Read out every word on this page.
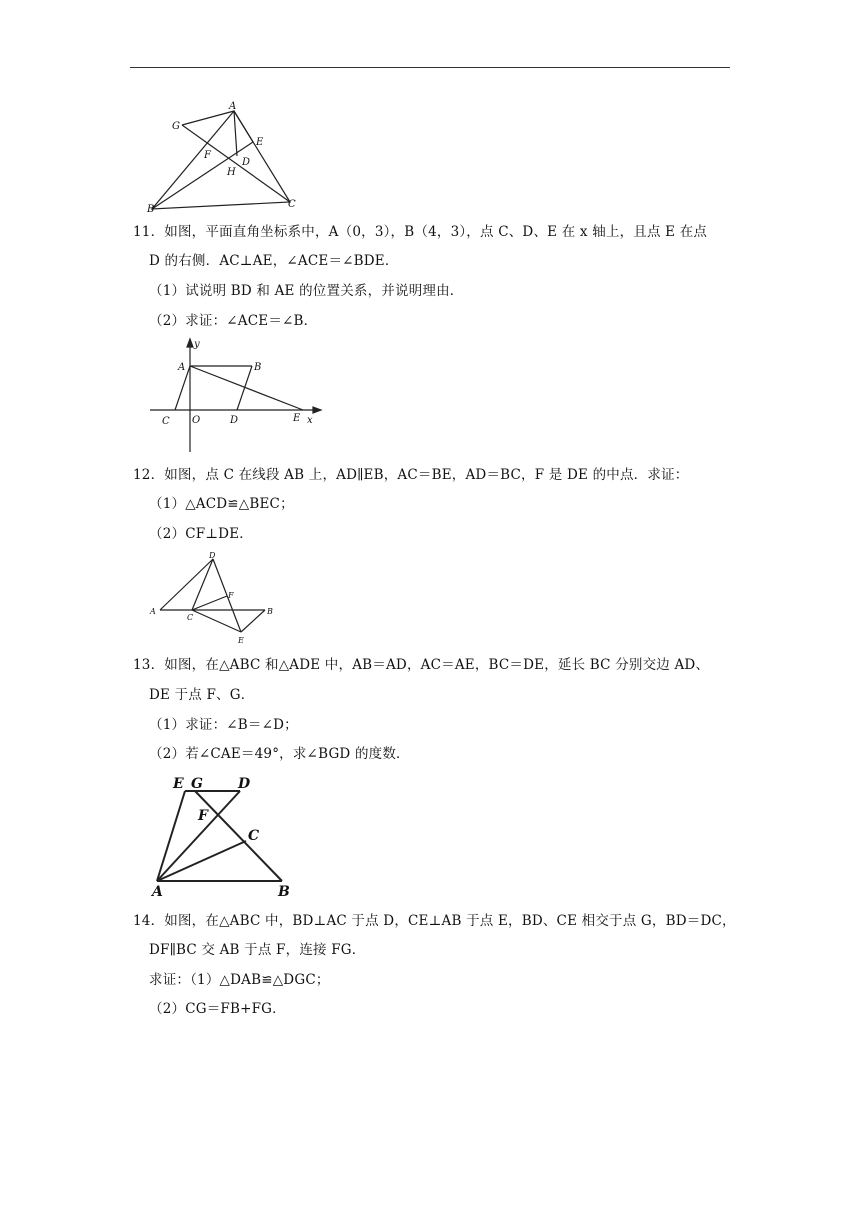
A
G
E
F
D
H
B	C
11．如图，平面直角坐标系中，A（0，3），B（4，3），点 C、D、E 在 x 轴上，且点 E 在点
D 的右侧．AC⊥AE，∠ACE＝∠BDE．
（1）试说明 BD 和 AE 的位置关系，并说明理由．
（2）求证：∠ACE＝∠B．
y
A	B
C O	D	E x
12．如图，点 C 在线段 AB 上，AD∥EB，AC＝BE，AD＝BC，F 是 DE 的中点．求证：
（1）△ACD≌△BEC；
（2）CF⊥DE．
D
F
A
C
B
E
13．如图，在△ABC 和△ADE 中，AB＝AD，AC＝AE，BC＝DE，延长 BC 分别交边 AD、
DE 于点 F、G．
（1）求证：∠B＝∠D；
（2）若∠CAE＝49°，求∠BGD 的度数．
E G	D
F
C
A	B
14．如图，在△ABC 中，BD⊥AC 于点 D，CE⊥AB 于点 E，BD、CE 相交于点 G，BD＝DC，
DF∥BC 交 AB 于点 F，连接 FG．
求证：（1）△DAB≌△DGC；
（2）CG＝FB+FG．
